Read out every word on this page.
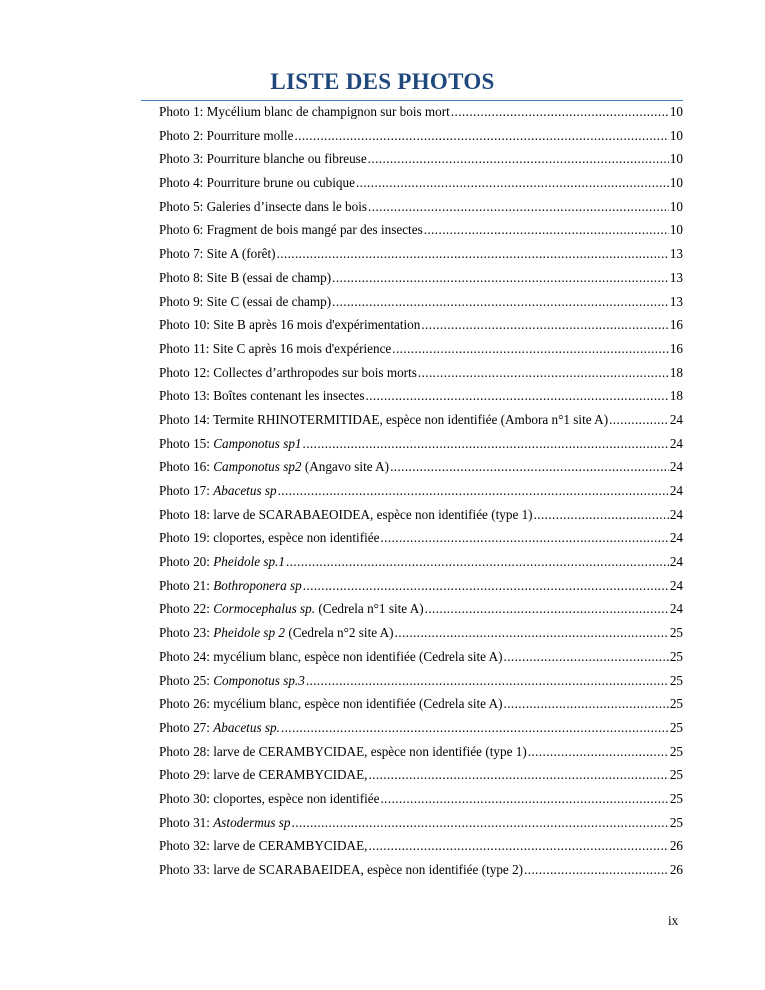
LISTE DES PHOTOS
Photo 1: Mycélium blanc de champignon sur bois mort .....	10
Photo 2: Pourriture molle .....	10
Photo 3: Pourriture blanche ou fibreuse .....	10
Photo 4: Pourriture brune ou cubique .....	10
Photo 5: Galeries d’insecte dans le bois .....	10
Photo 6: Fragment de bois mangé par des insectes .....	10
Photo 7: Site A (forêt) .....	13
Photo 8: Site B (essai de champ) .....	13
Photo 9: Site C (essai de champ) .....	13
Photo 10: Site B après 16 mois d'expérimentation .....	16
Photo 11: Site C après 16 mois d'expérience .....	16
Photo 12: Collectes d’arthropodes sur bois morts .....	18
Photo 13: Boîtes contenant les insectes .....	18
Photo 14: Termite RHINOTERMITIDAE, espèce non identifiée (Ambora n°1 site A) .....	24
Photo 15: Camponotus sp1 .....	24
Photo 16: Camponotus sp2 (Angavo site A) .....	24
Photo 17: Abacetus sp .....	24
Photo 18: larve de SCARABAEOIDEA, espèce non identifiée (type 1) .....	24
Photo 19: cloportes, espèce non identifiée .....	24
Photo 20: Pheidole sp.1 .....	24
Photo 21: Bothroponera sp .....	24
Photo 22: Cormocephalus sp. (Cedrela n°1 site A) .....	24
Photo 23: Pheidole sp 2 (Cedrela n°2 site A) .....	25
Photo 24: mycélium blanc, espèce non identifiée (Cedrela site A) .....	25
Photo 25: Componotus sp.3 .....	25
Photo 26: mycélium blanc, espèce non identifiée (Cedrela site A) .....	25
Photo 27: Abacetus sp. .....	25
Photo 28: larve de CERAMBYCIDAE, espèce non identifiée (type 1) .....	25
Photo 29: larve de CERAMBYCIDAE, .....	25
Photo 30: cloportes, espèce non identifiée .....	25
Photo 31: Astodermus sp .....	25
Photo 32: larve de CERAMBYCIDAE, .....	26
Photo 33: larve de SCARABAEIDEA, espèce non identifiée (type 2) .....	26
ix
